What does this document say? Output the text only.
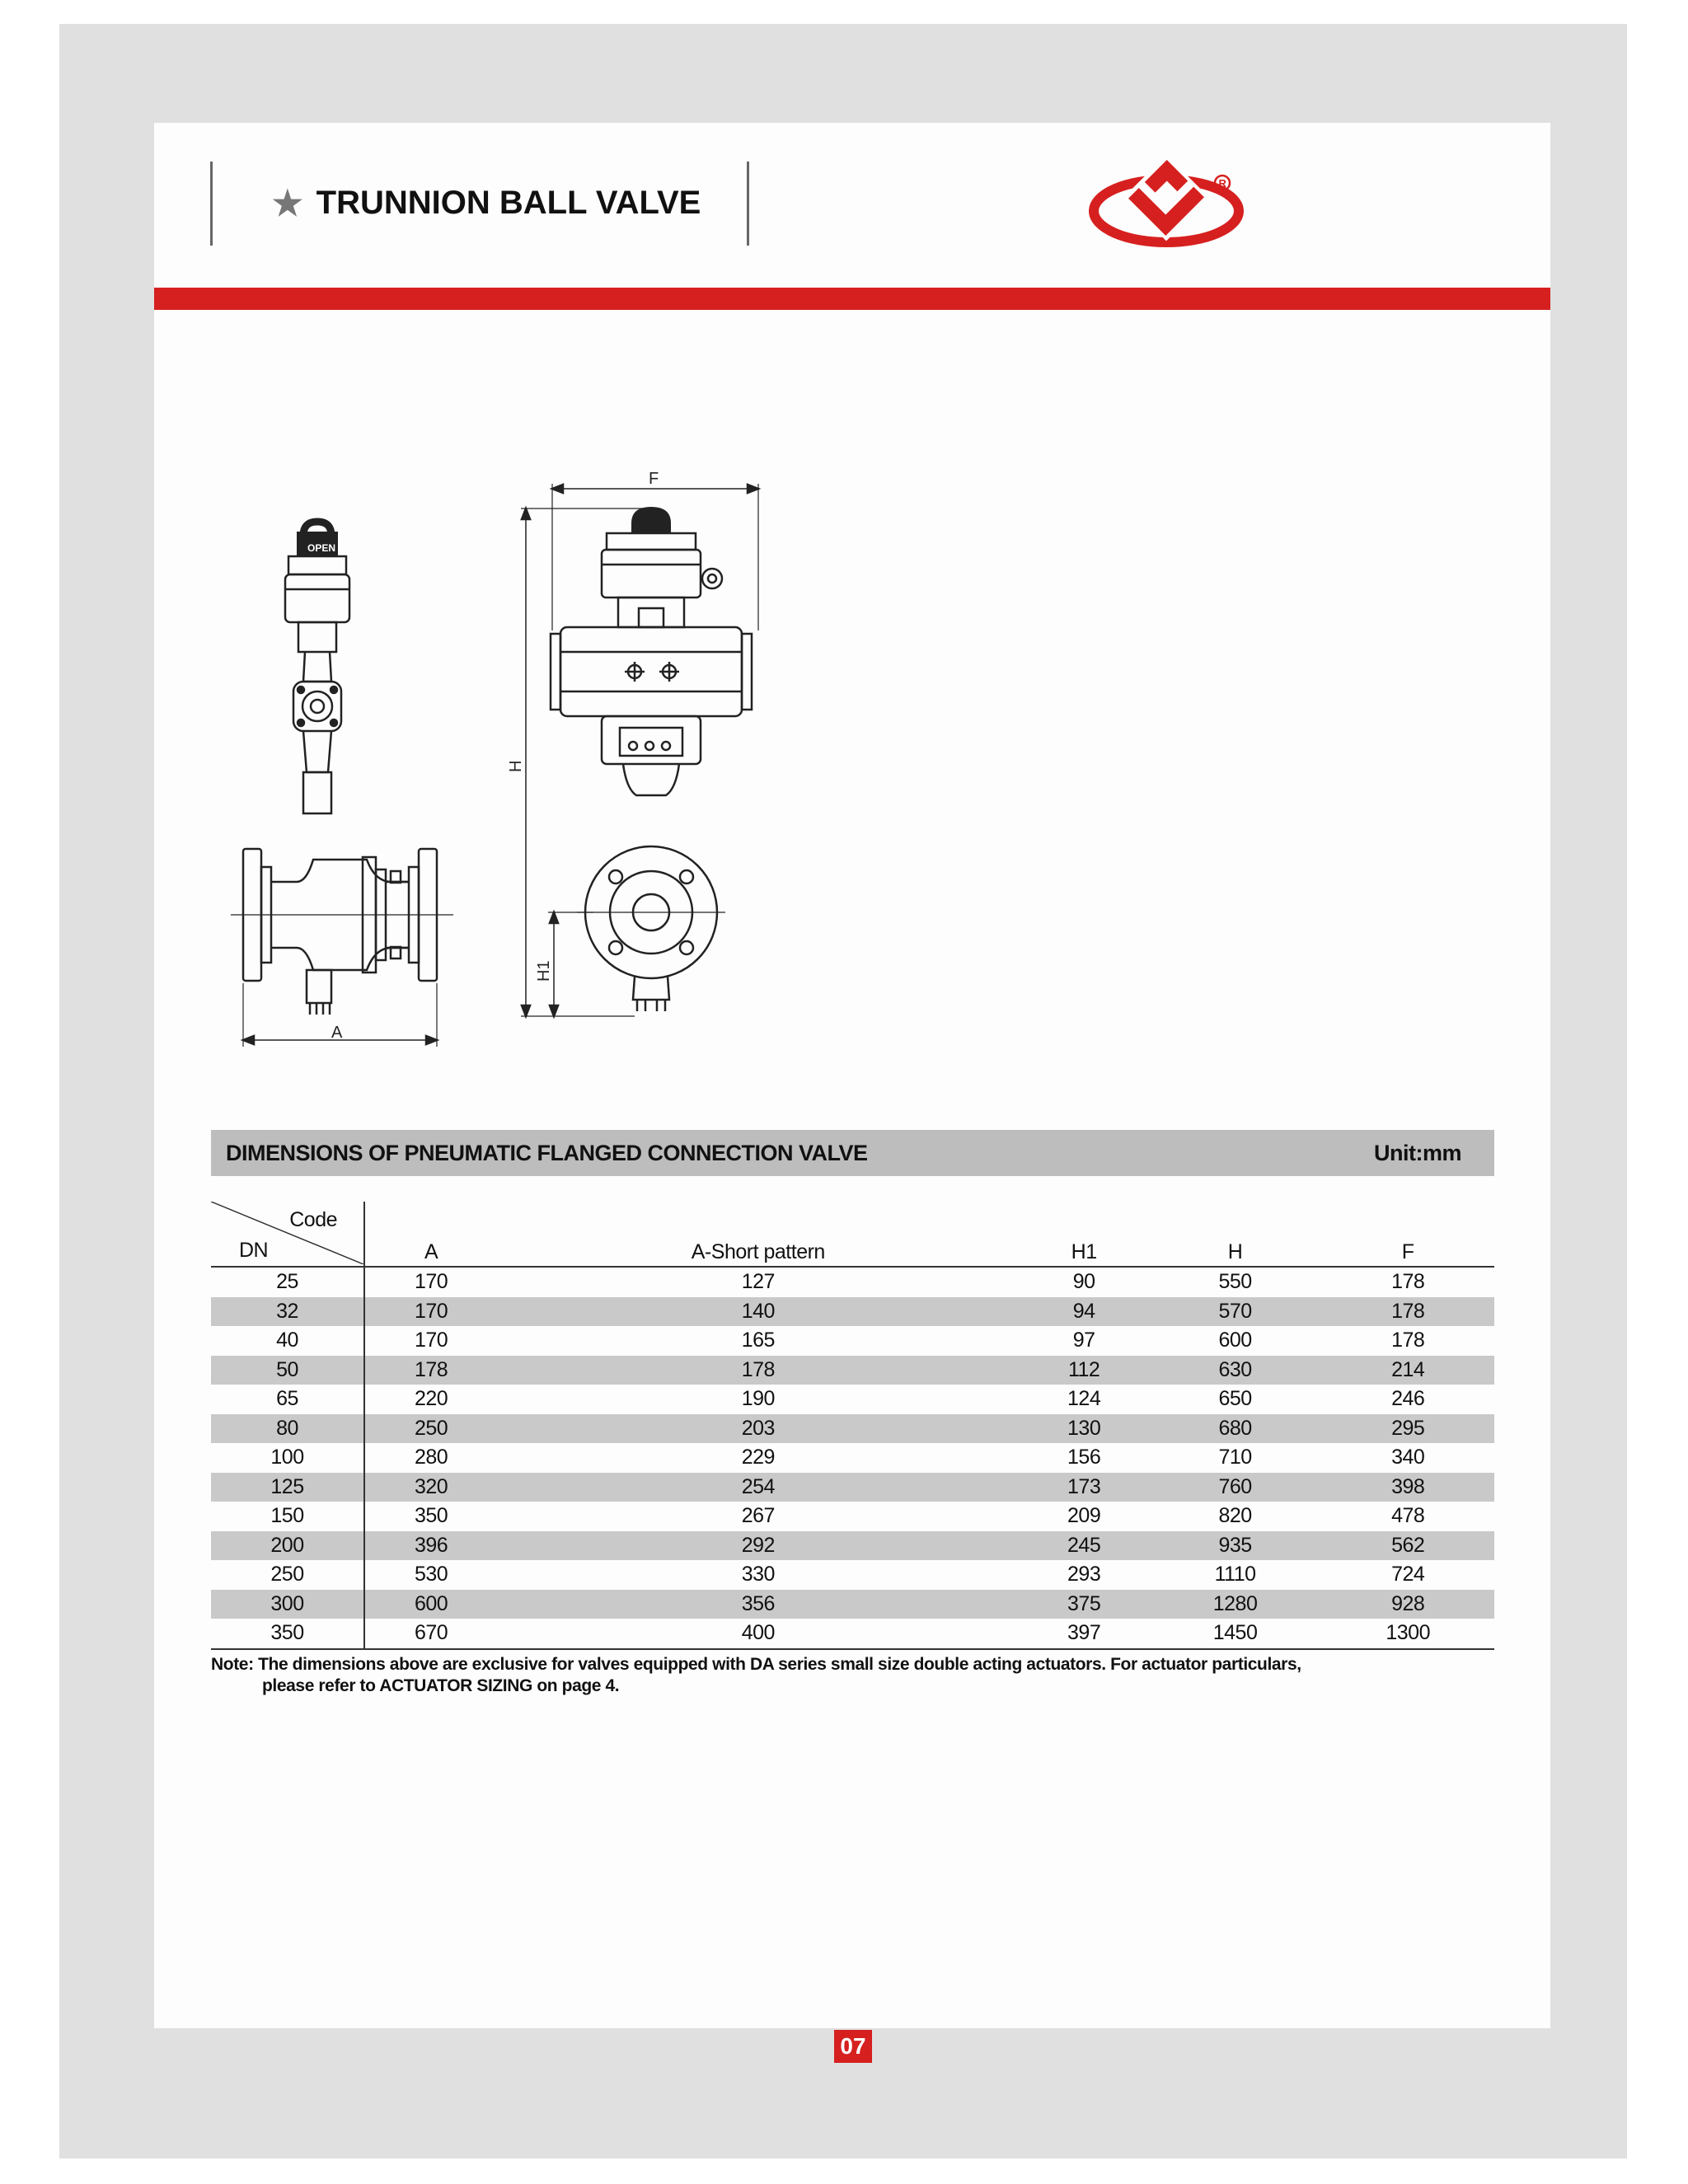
★ TRUNNION BALL VALVE
R
OPEN
A
F
H
H1
DIMENSIONS OF PNEUMATIC FLANGED CONNECTION VALVE	Unit:mm
Code
DN	A	A-Short pattern	H1	H	F
25	170	127	90	550	178
32	170	140	94	570	178
40	170	165	97	600	178
50	178	178	112	630	214
65	220	190	124	650	246
80	250	203	130	680	295
100	280	229	156	710	340
125	320	254	173	760	398
150	350	267	209	820	478
200	396	292	245	935	562
250	530	330	293	1110	724
300	600	356	375	1280	928
350	670	400	397	1450	1300
Note: The dimensions above are exclusive for valves equipped with DA series small size double acting actuators. For actuator particulars,
please refer to ACTUATOR SIZING on page 4.
07
